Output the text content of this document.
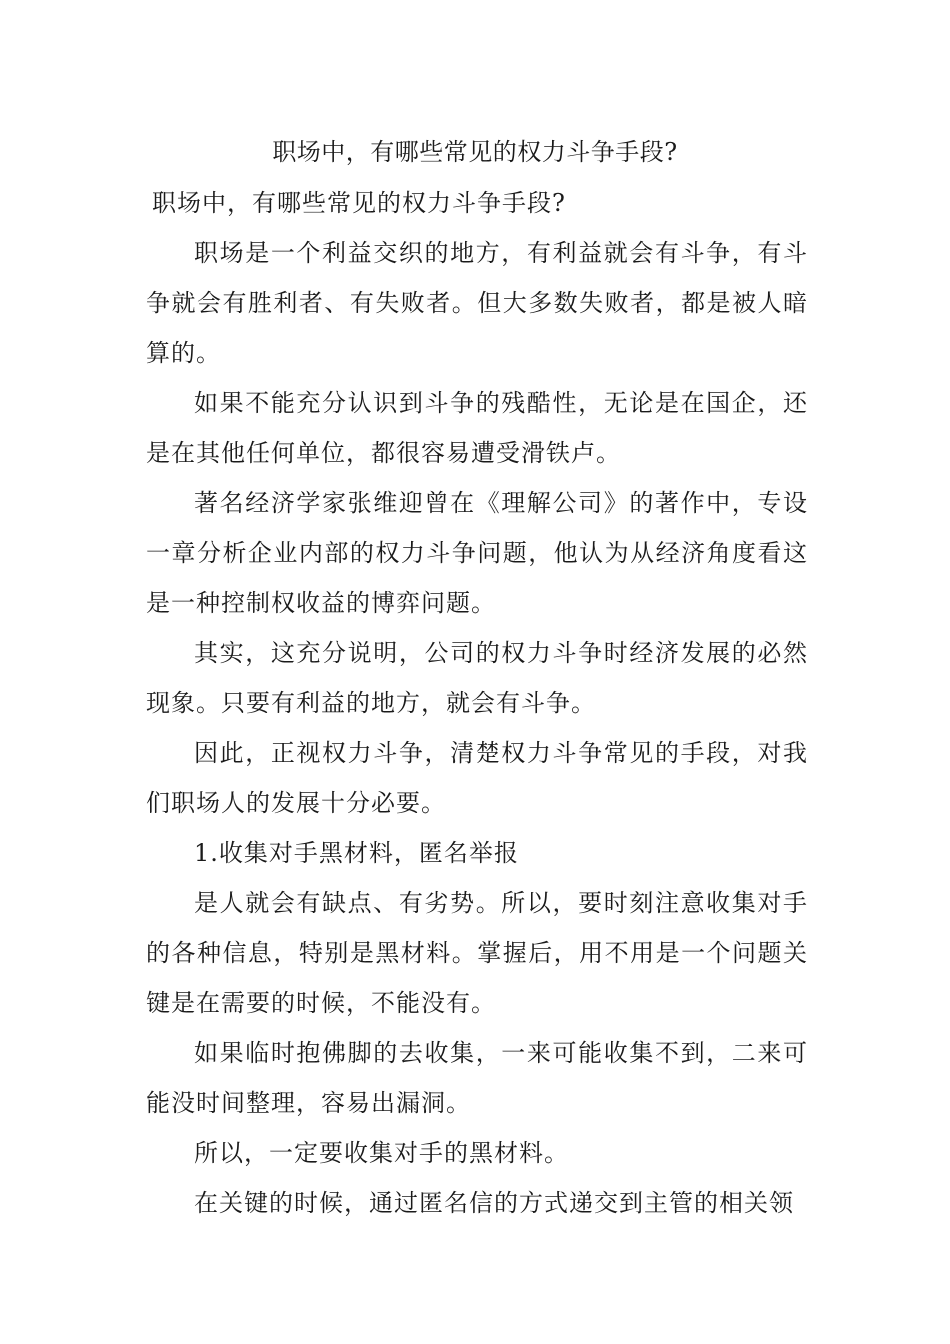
职场中，有哪些常见的权力斗争手段?

职场中，有哪些常见的权力斗争手段?

职场是一个利益交织的地方，有利益就会有斗争，有斗争就会有胜利者、有失败者。但大多数失败者，都是被人暗算的。

如果不能充分认识到斗争的残酷性，无论是在国企，还是在其他任何单位，都很容易遭受滑铁卢。

著名经济学家张维迎曾在《理解公司》的著作中，专设一章分析企业内部的权力斗争问题，他认为从经济角度看这是一种控制权收益的博弈问题。

其实，这充分说明，公司的权力斗争时经济发展的必然现象。只要有利益的地方，就会有斗争。

因此，正视权力斗争，清楚权力斗争常见的手段，对我们职场人的发展十分必要。

1.收集对手黑材料，匿名举报

是人就会有缺点、有劣势。所以，要时刻注意收集对手的各种信息，特别是黑材料。掌握后，用不用是一个问题关键是在需要的时候，不能没有。

如果临时抱佛脚的去收集，一来可能收集不到，二来可能没时间整理，容易出漏洞。

所以，一定要收集对手的黑材料。

在关键的时候，通过匿名信的方式递交到主管的相关领
